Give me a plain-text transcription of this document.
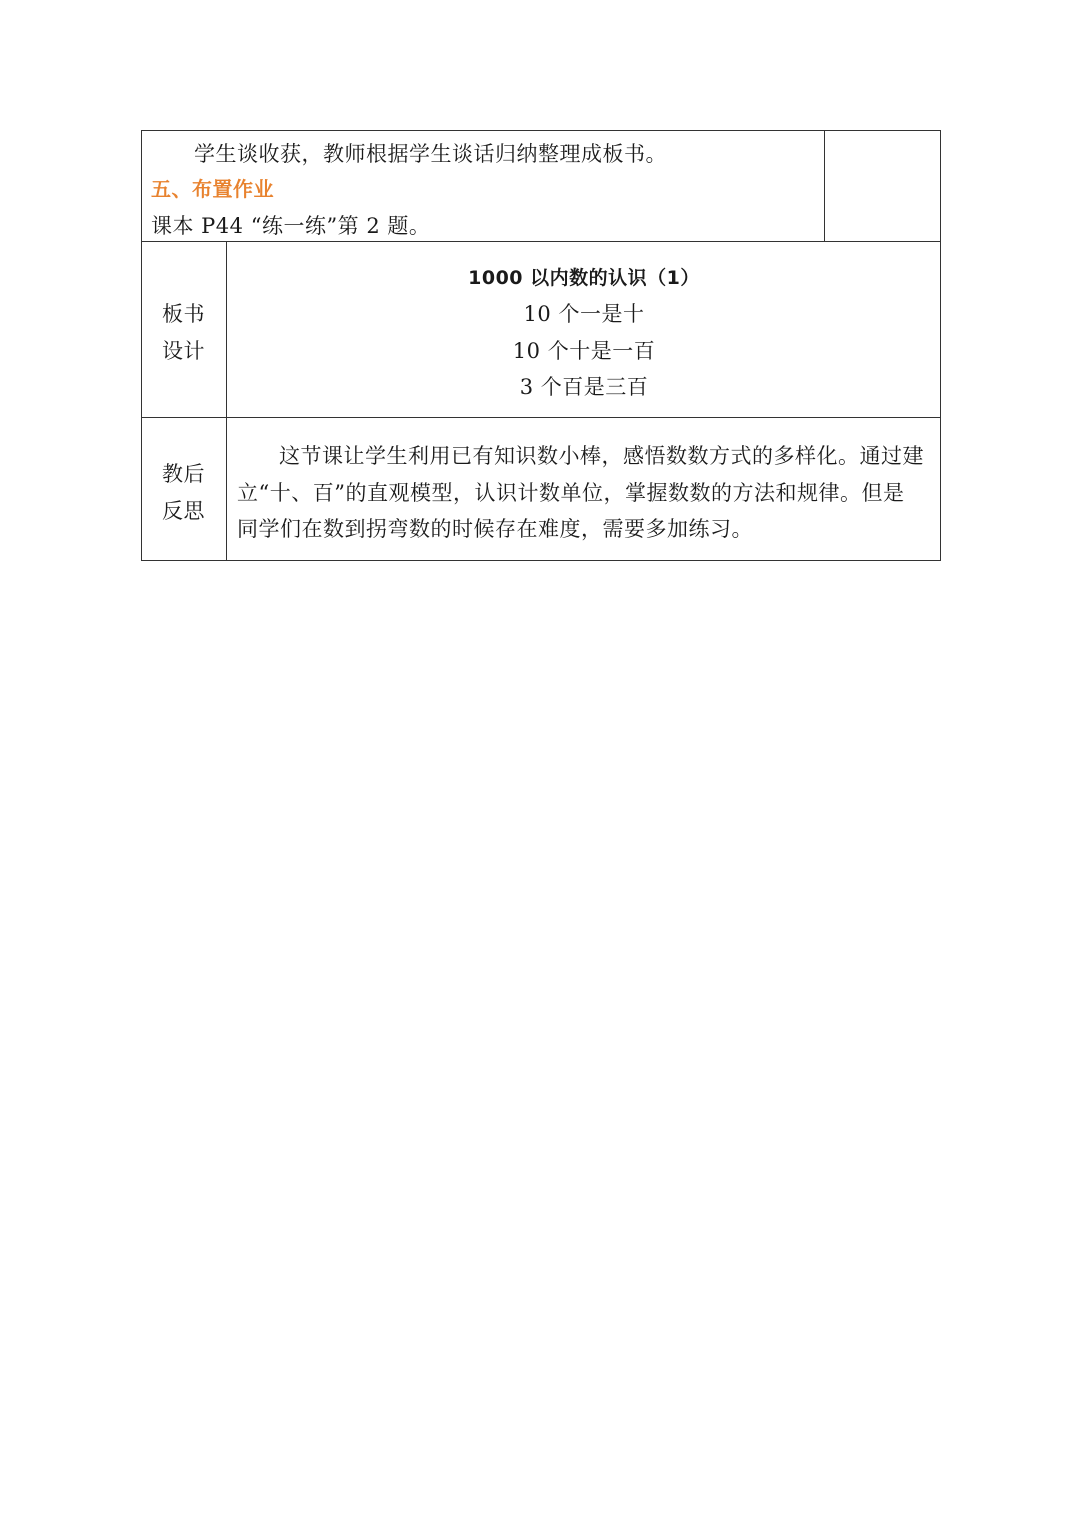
学生谈收获，教师根据学生谈话归纳整理成板书。
五、布置作业
课本 P44 “练一练”第 2 题。
板书
设计
1000 以内数的认识（1）
10 个一是十
10 个十是一百
3 个百是三百
教后
反思
这节课让学生利用已有知识数小棒，感悟数数方式的多样化。通过建
立“十、百”的直观模型，认识计数单位，掌握数数的方法和规律。但是
同学们在数到拐弯数的时候存在难度，需要多加练习。
